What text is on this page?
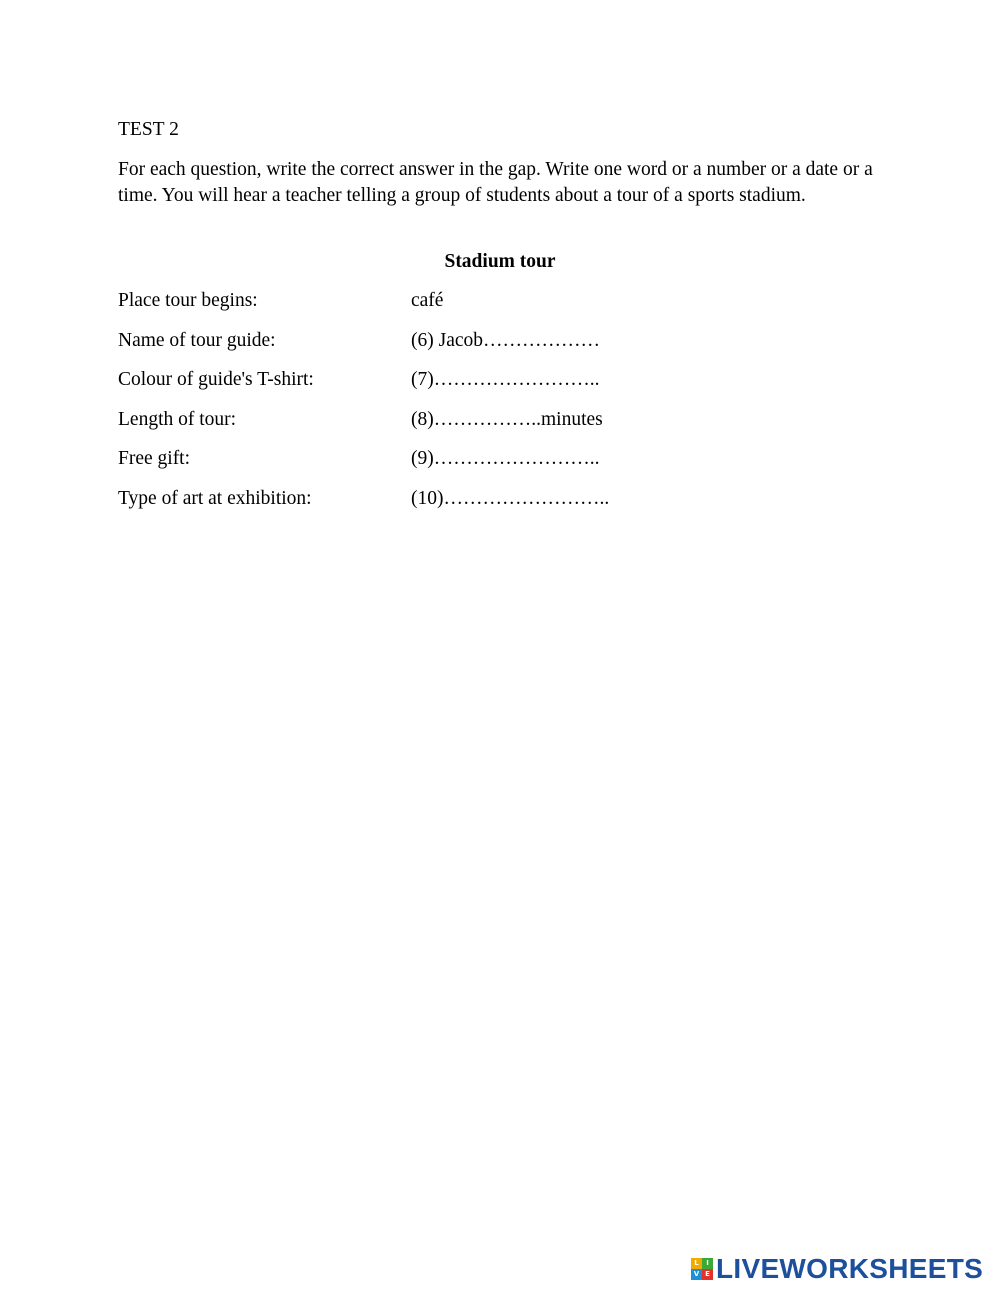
TEST 2
For each question, write the correct answer in the gap. Write one word or a number or a date or a time. You will hear a teacher telling a group of students about a tour of a sports stadium.
Stadium tour
Place tour begins:	café
Name of tour guide:	(6) Jacob………………
Colour of guide's T-shirt:	(7)……………………..
Length of tour:	(8)……………..minutes
Free gift:	(9)……………………..
Type of art at exhibition:	(10)……………………..
L	I
V E LIVEWORKSHEETS
